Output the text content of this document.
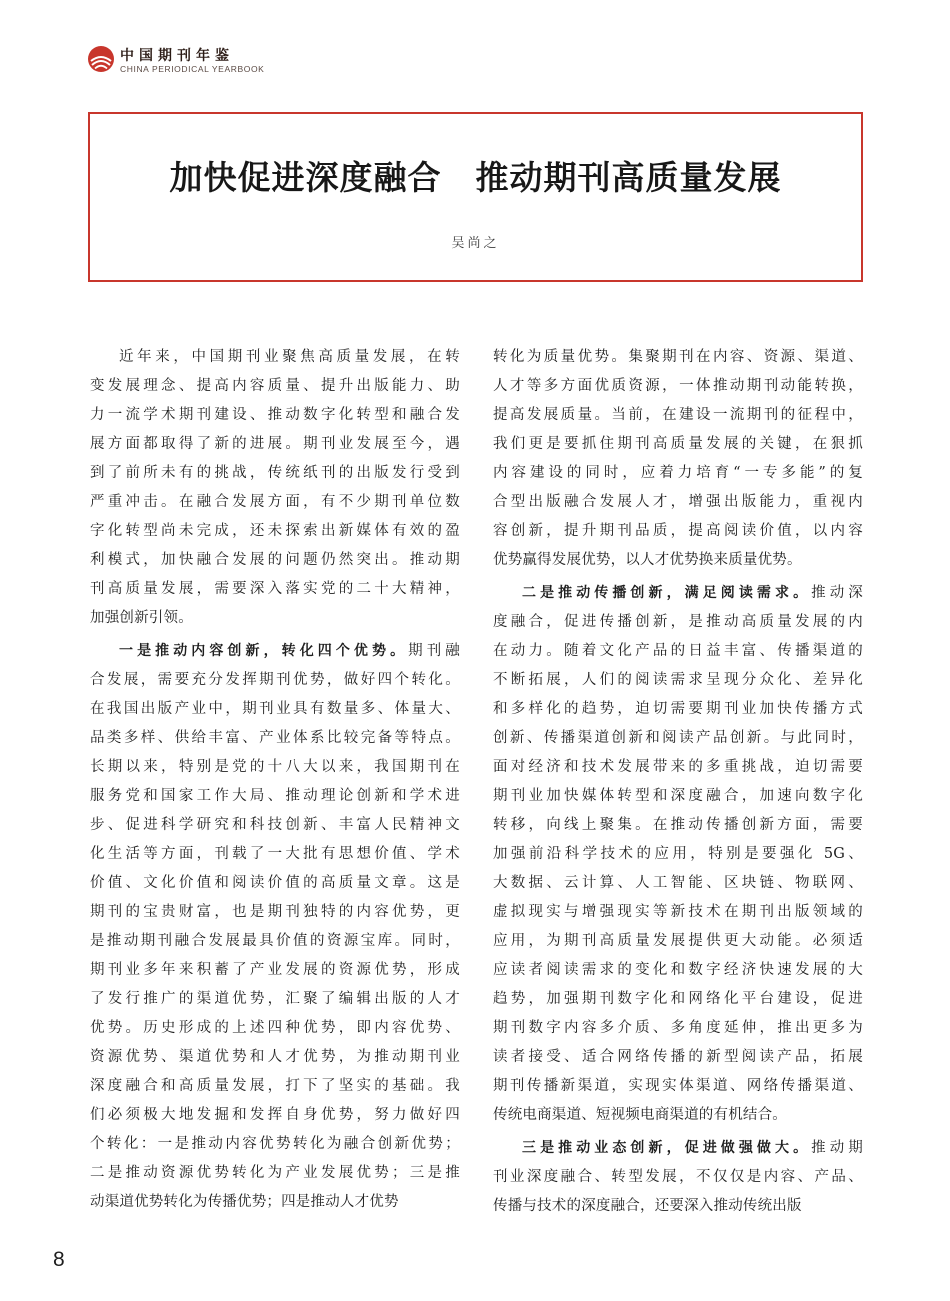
中国期刊年鉴
CHINA PERIODICAL YEARBOOK
加快促进深度融合　推动期刊高质量发展
吴尚之
近年来，中国期刊业聚焦高质量发展，在转
变发展理念、提高内容质量、提升出版能力、助
力一流学术期刊建设、推动数字化转型和融合发
展方面都取得了新的进展。期刊业发展至今，遇
到了前所未有的挑战，传统纸刊的出版发行受到
严重冲击。在融合发展方面，有不少期刊单位数
字化转型尚未完成，还未探索出新媒体有效的盈
利模式，加快融合发展的问题仍然突出。推动期
刊高质量发展，需要深入落实党的二十大精神，
加强创新引领。
一是推动内容创新，转化四个优势。期刊融
合发展，需要充分发挥期刊优势，做好四个转化。
在我国出版产业中，期刊业具有数量多、体量大、
品类多样、供给丰富、产业体系比较完备等特点。
长期以来，特别是党的十八大以来，我国期刊在
服务党和国家工作大局、推动理论创新和学术进
步、促进科学研究和科技创新、丰富人民精神文
化生活等方面，刊载了一大批有思想价值、学术
价值、文化价值和阅读价值的高质量文章。这是
期刊的宝贵财富，也是期刊独特的内容优势，更
是推动期刊融合发展最具价值的资源宝库。同时，
期刊业多年来积蓄了产业发展的资源优势，形成
了发行推广的渠道优势，汇聚了编辑出版的人才
优势。历史形成的上述四种优势，即内容优势、
资源优势、渠道优势和人才优势，为推动期刊业
深度融合和高质量发展，打下了坚实的基础。我
们必须极大地发掘和发挥自身优势，努力做好四
个转化：一是推动内容优势转化为融合创新优势；
二是推动资源优势转化为产业发展优势；三是推
动渠道优势转化为传播优势；四是推动人才优势
转化为质量优势。集聚期刊在内容、资源、渠道、
人才等多方面优质资源，一体推动期刊动能转换，
提高发展质量。当前，在建设一流期刊的征程中，
我们更是要抓住期刊高质量发展的关键，在狠抓
内容建设的同时，应着力培育“一专多能”的复
合型出版融合发展人才，增强出版能力，重视内
容创新，提升期刊品质，提高阅读价值，以内容
优势赢得发展优势，以人才优势换来质量优势。
二是推动传播创新，满足阅读需求。推动深
度融合，促进传播创新，是推动高质量发展的内
在动力。随着文化产品的日益丰富、传播渠道的
不断拓展，人们的阅读需求呈现分众化、差异化
和多样化的趋势，迫切需要期刊业加快传播方式
创新、传播渠道创新和阅读产品创新。与此同时，
面对经济和技术发展带来的多重挑战，迫切需要
期刊业加快媒体转型和深度融合，加速向数字化
转移，向线上聚集。在推动传播创新方面，需要
加强前沿科学技术的应用，特别是要强化 5G、
大数据、云计算、人工智能、区块链、物联网、
虚拟现实与增强现实等新技术在期刊出版领域的
应用，为期刊高质量发展提供更大动能。必须适
应读者阅读需求的变化和数字经济快速发展的大
趋势，加强期刊数字化和网络化平台建设，促进
期刊数字内容多介质、多角度延伸，推出更多为
读者接受、适合网络传播的新型阅读产品，拓展
期刊传播新渠道，实现实体渠道、网络传播渠道、
传统电商渠道、短视频电商渠道的有机结合。
三是推动业态创新，促进做强做大。推动期
刊业深度融合、转型发展，不仅仅是内容、产品、
传播与技术的深度融合，还要深入推动传统出版
8
